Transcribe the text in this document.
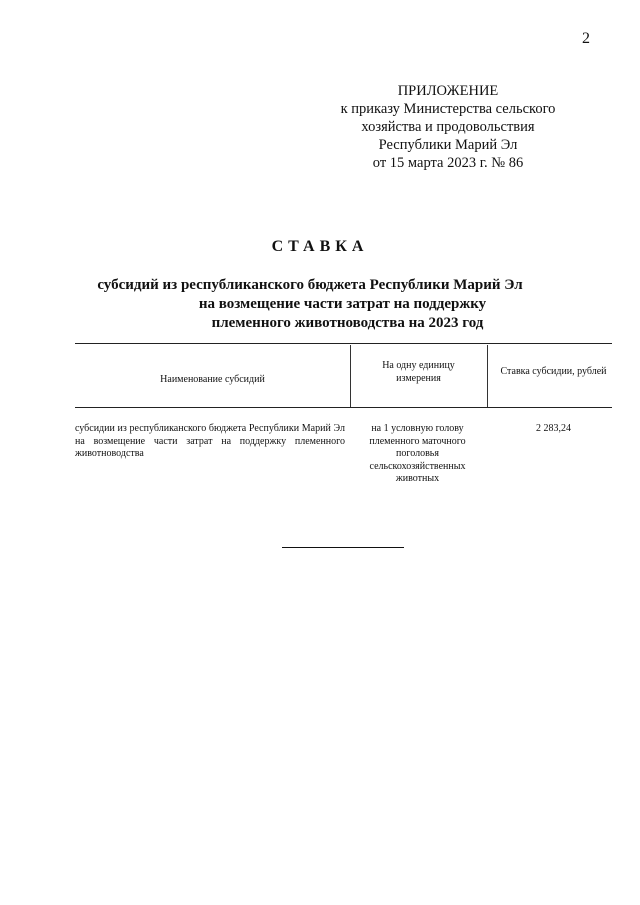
2
ПРИЛОЖЕНИЕ
к приказу Министерства сельского
хозяйства и продовольствия
Республики Марий Эл
от 15 марта 2023 г. № 86
СТАВКА
субсидий из республиканского бюджета Республики Марий Эл
на возмещение части затрат на поддержку
племенного животноводства на 2023 год
Наименование субсидий
На одну единицу измерения
Ставка субсидии, рублей
субсидии из республиканского бюджета Республики Марий Эл на возмещение части затрат на поддержку племенного животноводства
на 1 условную голову племенного маточного поголовья сельскохозяйственных животных
2 283,24
